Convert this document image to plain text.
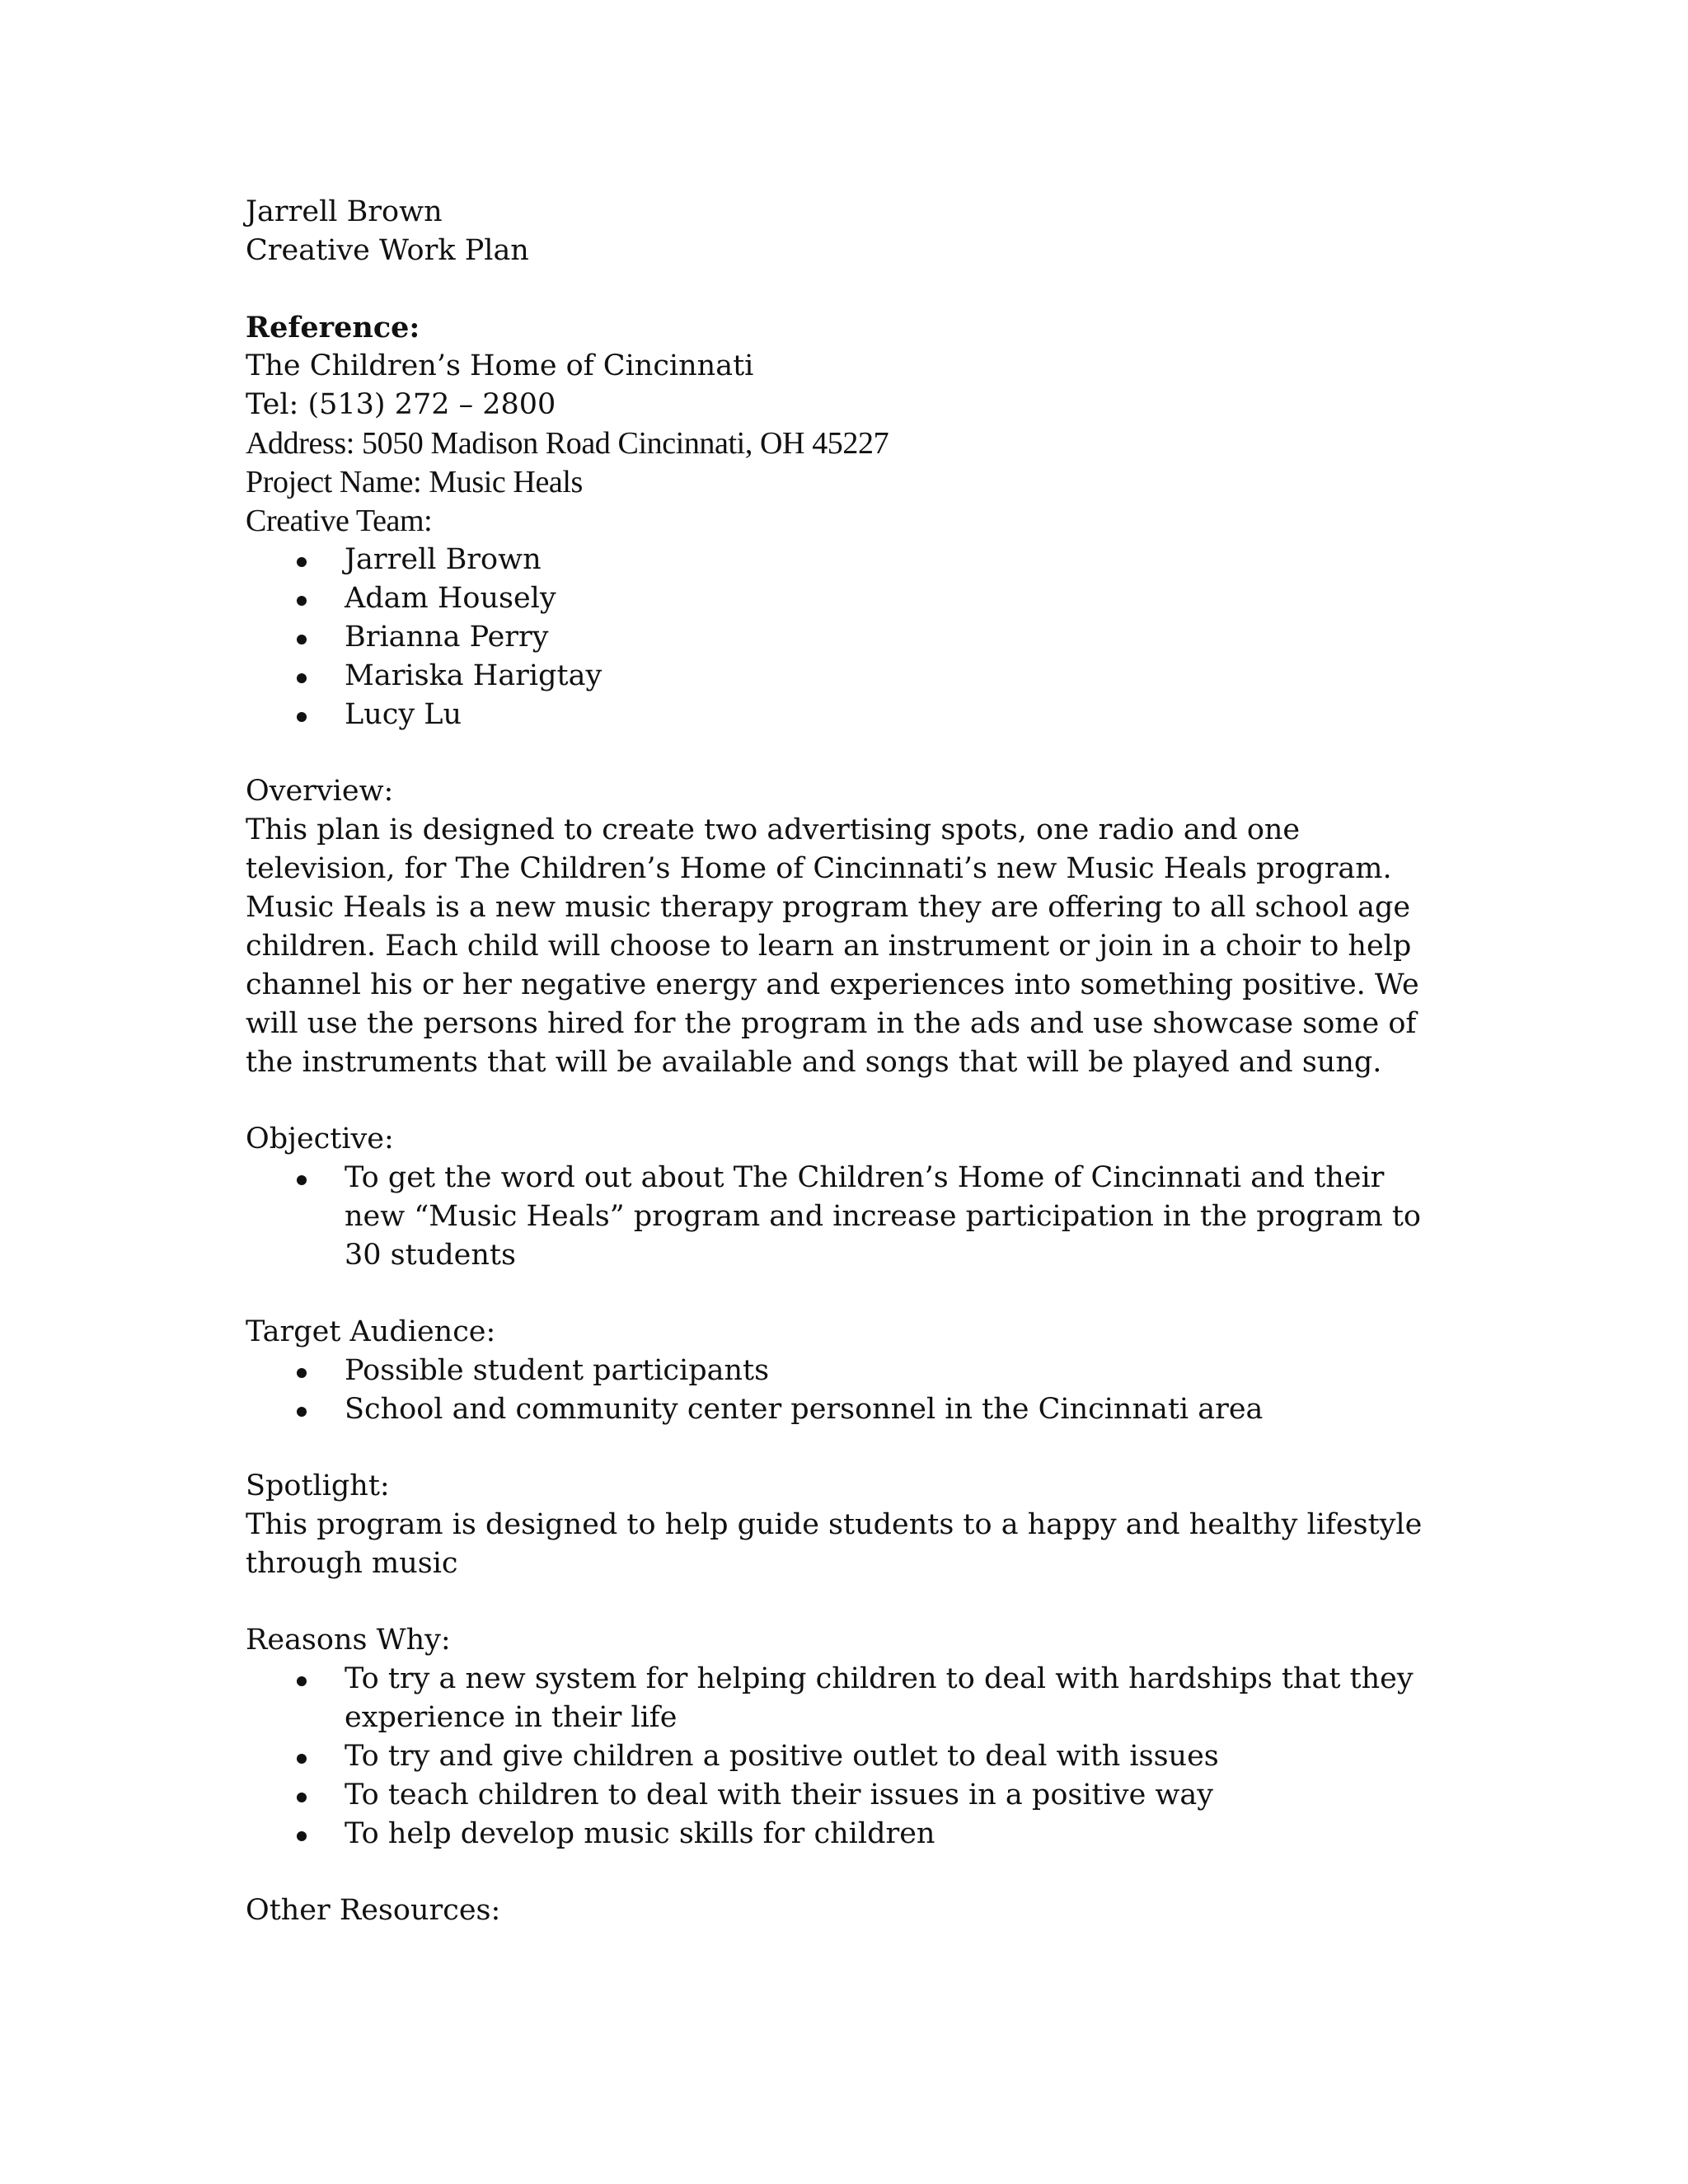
Jarrell Brown
Creative Work Plan
Reference:
The Children’s Home of Cincinnati
Tel: (513) 272 – 2800
Address: 5050 Madison Road Cincinnati, OH 45227
Project Name: Music Heals
Creative Team:
Jarrell Brown
Adam Housely
Brianna Perry
Mariska Harigtay
Lucy Lu
Overview:

This plan is designed to create two advertising spots, one radio and one television, for The Children’s Home of Cincinnati’s new Music Heals program. Music Heals is a new music therapy program they are offering to all school age children. Each child will choose to learn an instrument or join in a choir to help channel his or her negative energy and experiences into something positive. We will use the persons hired for the program in the ads and use showcase some of the instruments that will be available and songs that will be played and sung.

Objective:
To get the word out about The Children’s Home of Cincinnati and their new “Music Heals” program and increase participation in the program to 30 students
Target Audience:
Possible student participants
School and community center personnel in the Cincinnati area
Spotlight:

This program is designed to help guide students to a happy and healthy lifestyle through music

Reasons Why:
To try a new system for helping children to deal with hardships that they experience in their life
To try and give children a positive outlet to deal with issues
To teach children to deal with their issues in a positive way
To help develop music skills for children
Other Resources:
